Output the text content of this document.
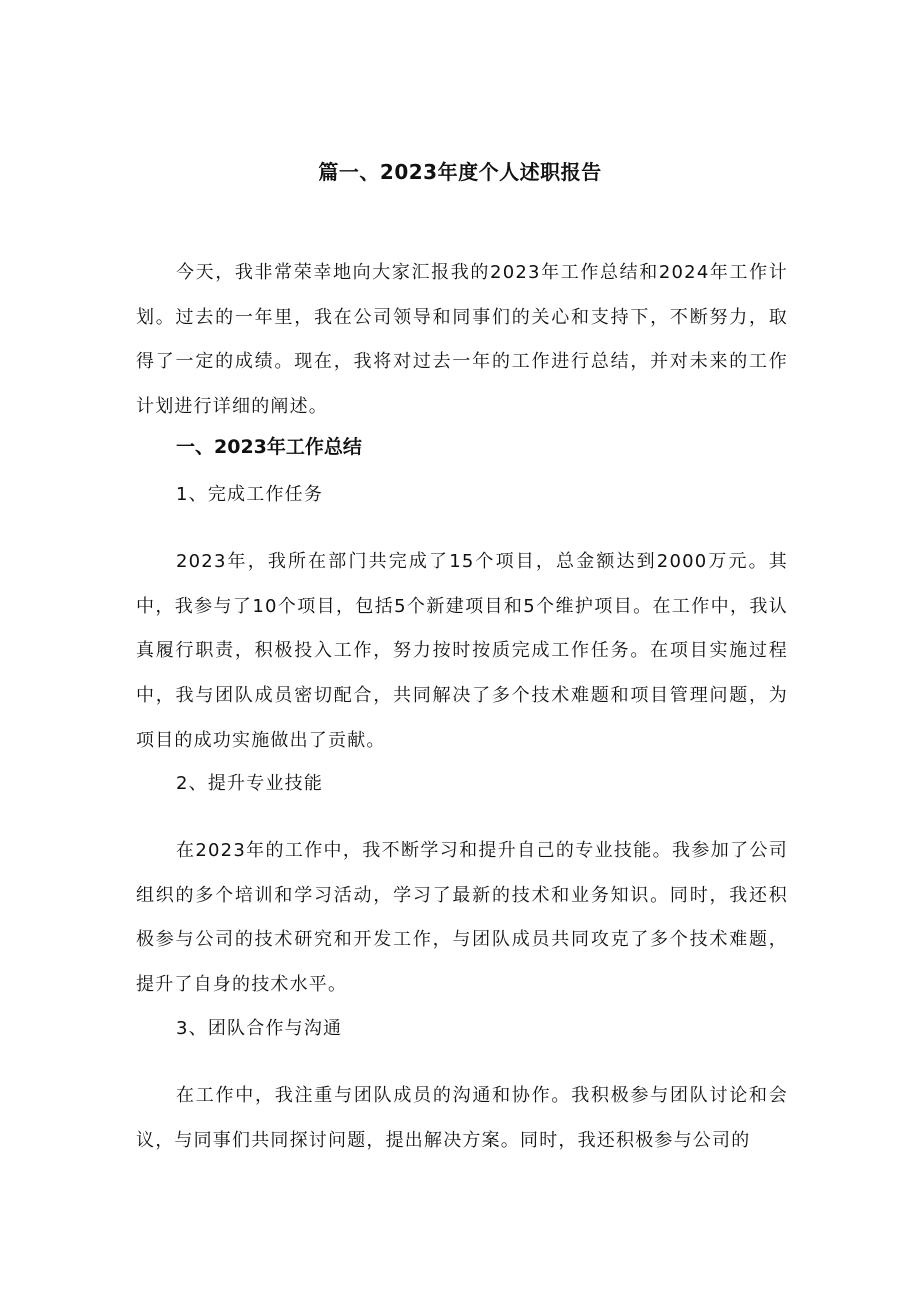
篇一、2023年度个人述职报告

今天，我非常荣幸地向大家汇报我的2023年工作总结和2024年工作计划。过去的一年里，我在公司领导和同事们的关心和支持下，不断努力，取得了一定的成绩。现在，我将对过去一年的工作进行总结，并对未来的工作计划进行详细的阐述。

一、2023年工作总结
1、完成工作任务

2023年，我所在部门共完成了15个项目，总金额达到2000万元。其中，我参与了10个项目，包括5个新建项目和5个维护项目。在工作中，我认真履行职责，积极投入工作，努力按时按质完成工作任务。在项目实施过程中，我与团队成员密切配合，共同解决了多个技术难题和项目管理问题，为项目的成功实施做出了贡献。

2、提升专业技能

在2023年的工作中，我不断学习和提升自己的专业技能。我参加了公司组织的多个培训和学习活动，学习了最新的技术和业务知识。同时，我还积极参与公司的技术研究和开发工作，与团队成员共同攻克了多个技术难题，提升了自身的技术水平。

3、团队合作与沟通

在工作中，我注重与团队成员的沟通和协作。我积极参与团队讨论和会议，与同事们共同探讨问题，提出解决方案。同时，我还积极参与公司的
